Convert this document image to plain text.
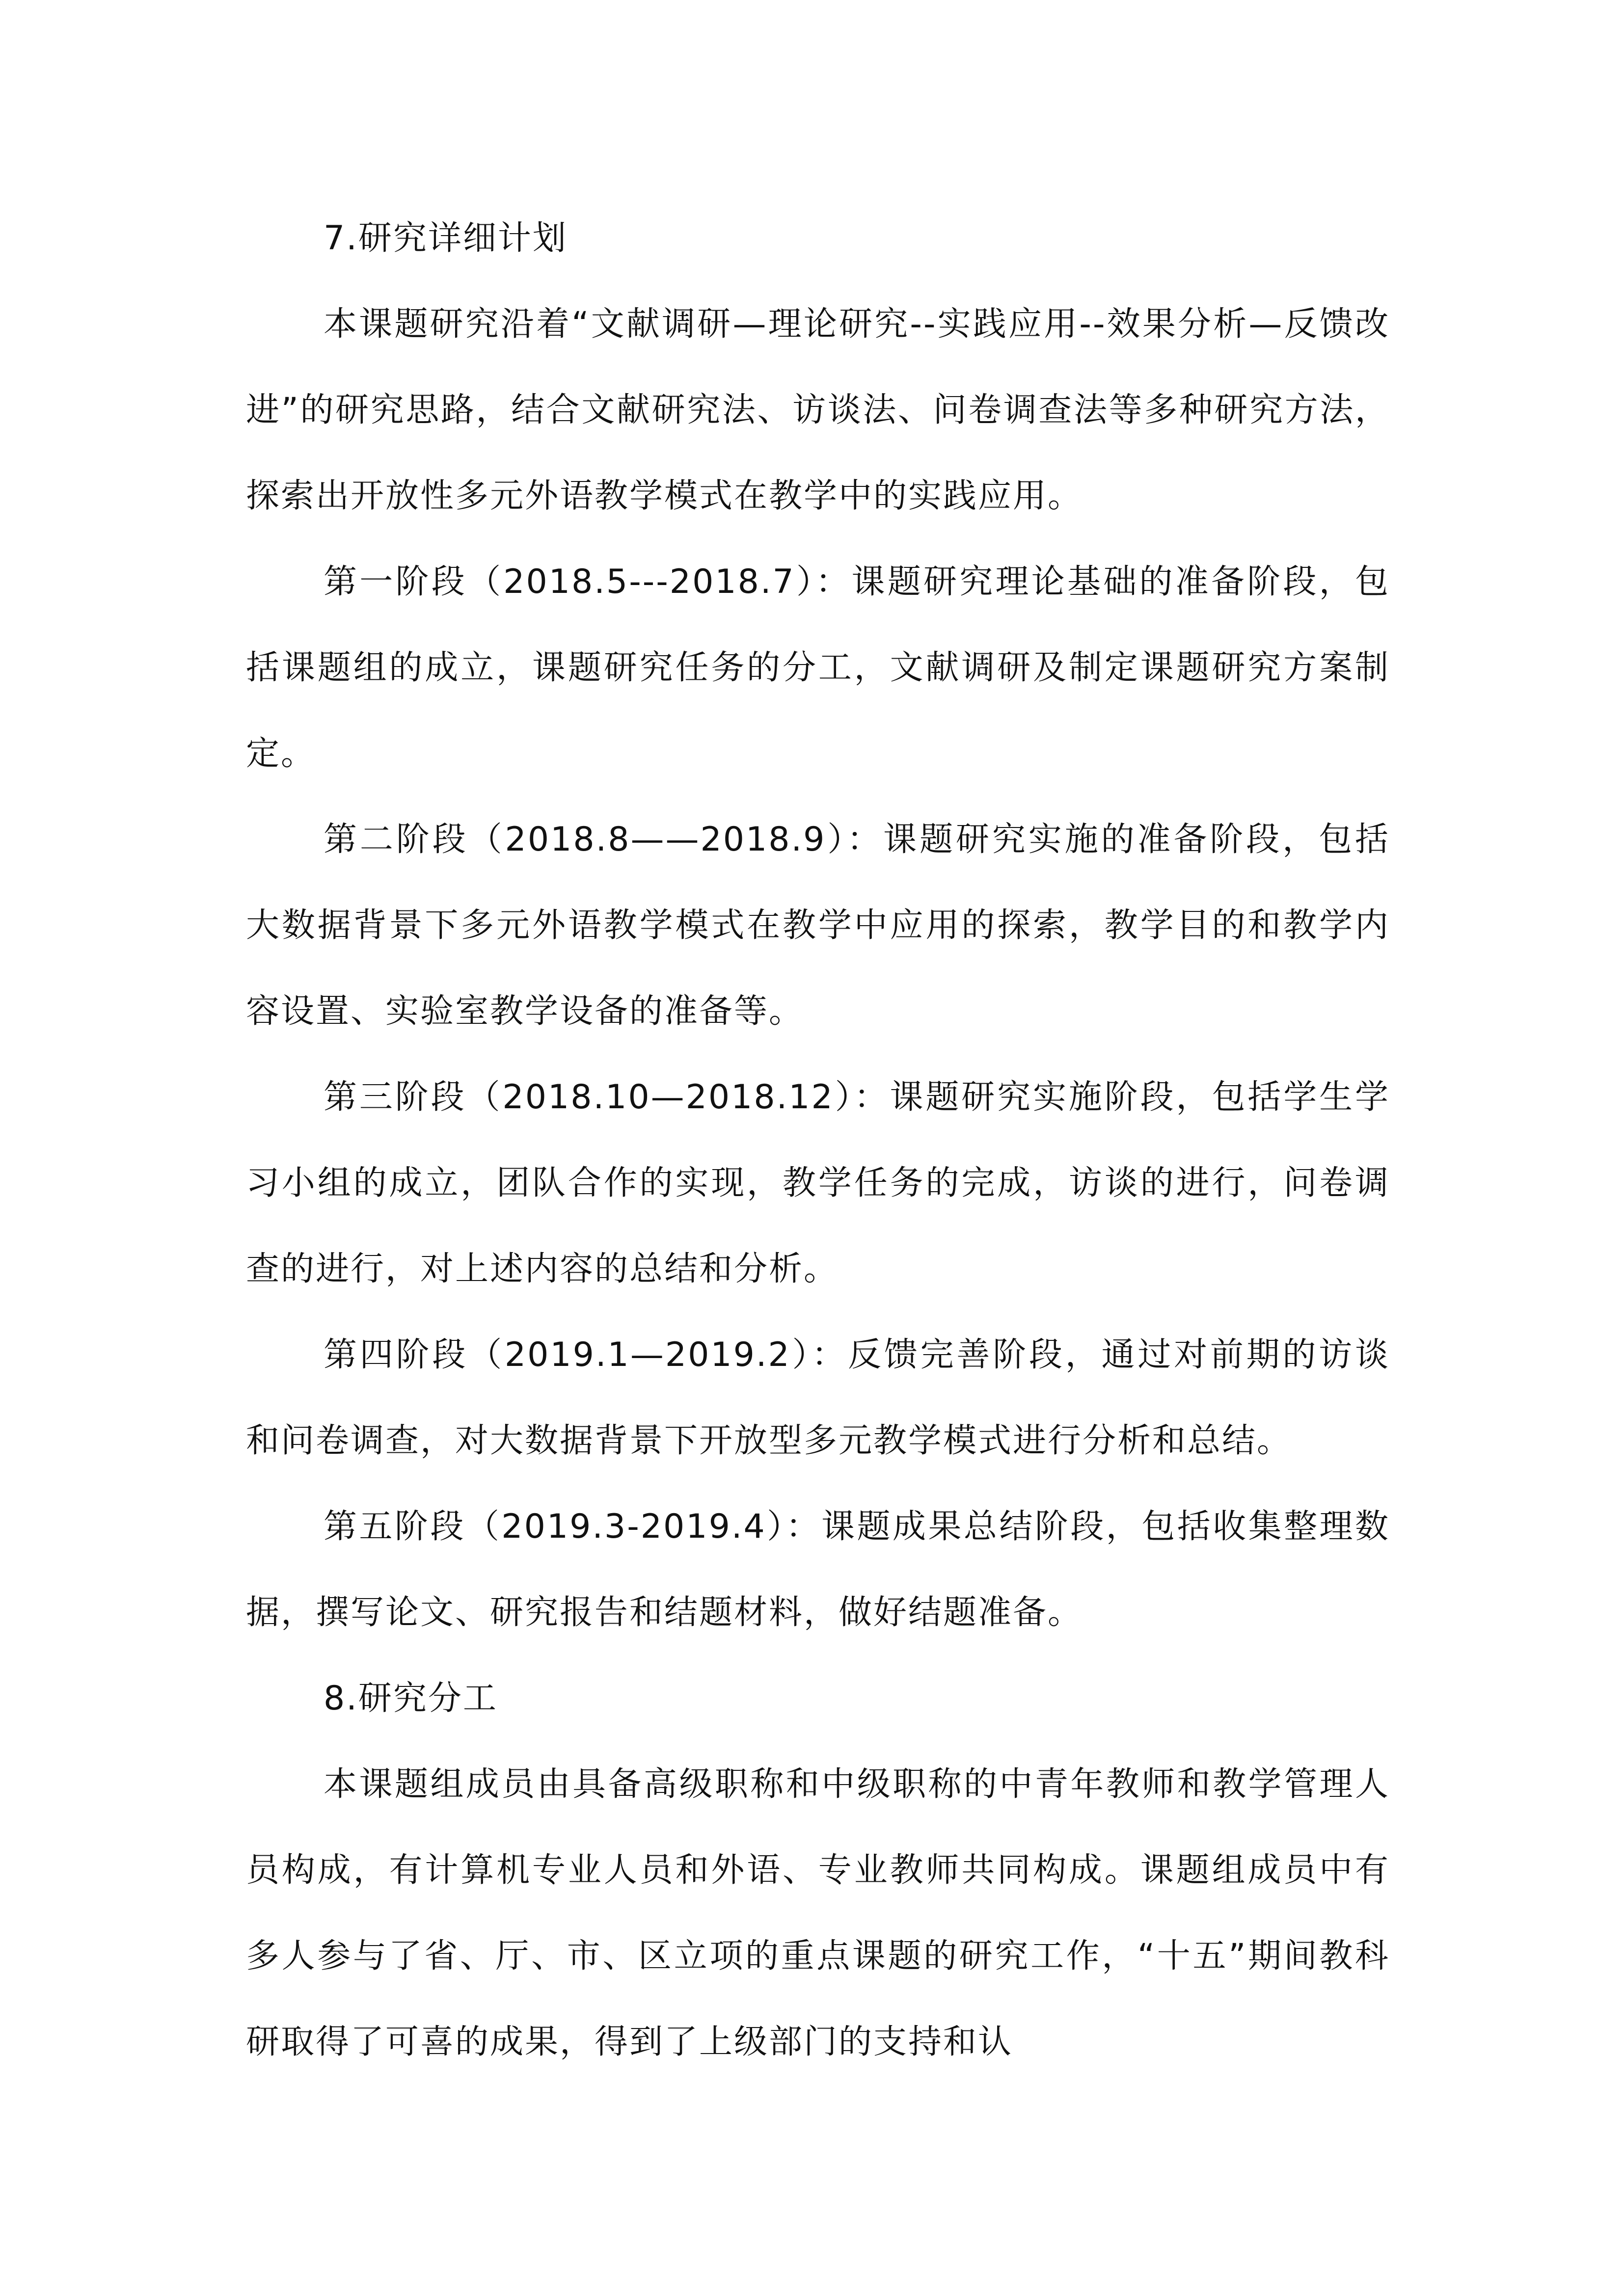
7.研究详细计划

本课题研究沿着“文献调研—理论研究--实践应用--效果分析—反馈改进”的研究思路，结合文献研究法、访谈法、问卷调查法等多种研究方法，探索出开放性多元外语教学模式在教学中的实践应用。

第一阶段（2018.5---2018.7）：课题研究理论基础的准备阶段，包括课题组的成立，课题研究任务的分工，文献调研及制定课题研究方案制定。

第二阶段（2018.8——2018.9）：课题研究实施的准备阶段，包括大数据背景下多元外语教学模式在教学中应用的探索，教学目的和教学内容设置、实验室教学设备的准备等。

第三阶段（2018.10—2018.12）：课题研究实施阶段，包括学生学习小组的成立，团队合作的实现，教学任务的完成，访谈的进行，问卷调查的进行，对上述内容的总结和分析。

第四阶段（2019.1—2019.2）：反馈完善阶段，通过对前期的访谈和问卷调查，对大数据背景下开放型多元教学模式进行分析和总结。

第五阶段（2019.3-2019.4）：课题成果总结阶段，包括收集整理数据，撰写论文、研究报告和结题材料，做好结题准备。

8.研究分工

本课题组成员由具备高级职称和中级职称的中青年教师和教学管理人员构成，有计算机专业人员和外语、专业教师共同构成。课题组成员中有多人参与了省、厅、市、区立项的重点课题的研究工作，“十五”期间教科研取得了可喜的成果，得到了上级部门的支持和认
